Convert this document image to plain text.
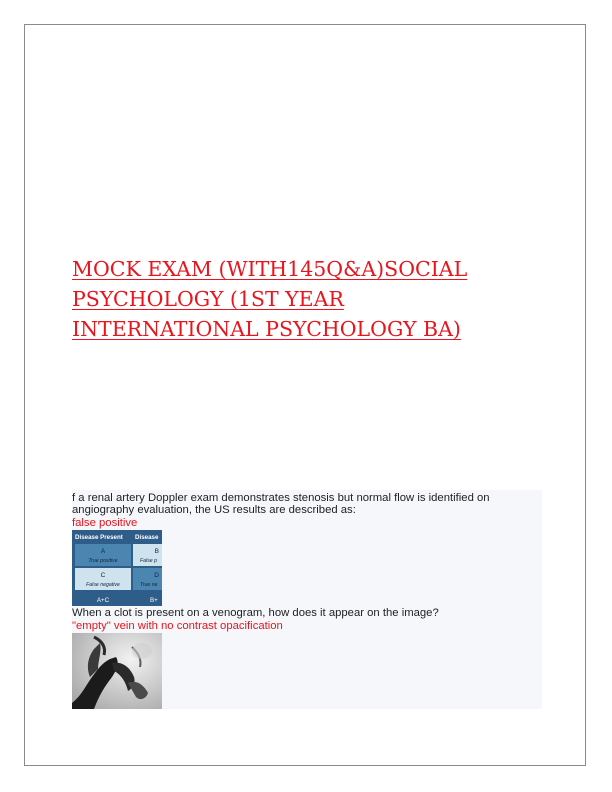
MOCK EXAM (WITH145Q&A)SOCIAL
PSYCHOLOGY (1ST YEAR
INTERNATIONAL PSYCHOLOGY BA)

f a renal artery Doppler exam demonstrates stenosis but normal flow is identified on angiography evaluation, the US results are described as:

false positive

Disease Present Disease
A
True positive
B
False p
C
False negative
D
True ne
A+C	B+

When a clot is present on a venogram, how does it appear on the image?

"empty" vein with no contrast opacification
